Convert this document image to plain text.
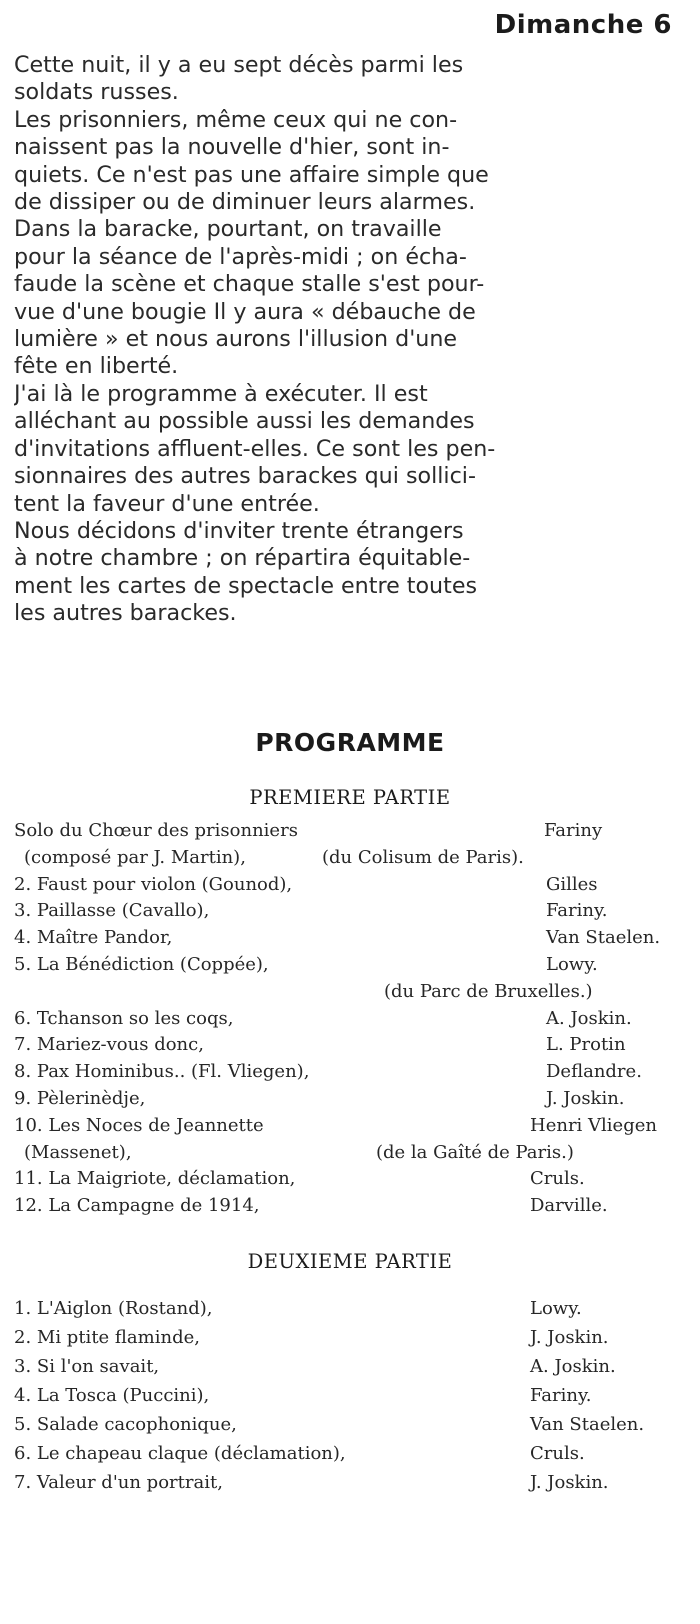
Dimanche 6
Cette nuit, il y a eu sept décès parmi les
soldats russes.
Les prisonniers, même ceux qui ne con-
naissent pas la nouvelle d'hier, sont in-
quiets. Ce n'est pas une affaire simple que
de dissiper ou de diminuer leurs alarmes.
Dans la baracke, pourtant, on travaille
pour la séance de l'après-midi ; on écha-
faude la scène et chaque stalle s'est pour-
vue d'une bougie Il y aura « débauche de
lumière » et nous aurons l'illusion d'une
fête en liberté.
J'ai là le programme à exécuter. Il est
alléchant au possible aussi les demandes
d'invitations affluent-elles. Ce sont les pen-
sionnaires des autres barackes qui sollici-
tent la faveur d'une entrée.
Nous décidons d'inviter trente étrangers
à notre chambre ; on répartira équitable-
ment les cartes de spectacle entre toutes
les autres barackes.
PROGRAMME
PREMIERE PARTIE
Solo du Chœur des prisonniers	Fariny
(composé par J. Martin),	(du Colisum de Paris).
2. Faust pour violon (Gounod),	Gilles
3. Paillasse (Cavallo),	Fariny.
4. Maître Pandor,	Van Staelen.
5. La Bénédiction (Coppée),	Lowy.
(du Parc de Bruxelles.)
6. Tchanson so les coqs,	A. Joskin.
7. Mariez-vous donc,	L. Protin
8. Pax Hominibus.. (Fl. Vliegen),	Deflandre.
9. Pèlerinèdje,	J. Joskin.
10. Les Noces de Jeannette	Henri Vliegen
(Massenet),	(de la Gaîté de Paris.)
11. La Maigriote, déclamation,	Cruls.
12. La Campagne de 1914,	Darville.
DEUXIEME PARTIE
1. L'Aiglon (Rostand),	Lowy.
2. Mi ptite flaminde,	J. Joskin.
3. Si l'on savait,	A. Joskin.
4. La Tosca (Puccini),	Fariny.
5. Salade cacophonique,	Van Staelen.
6. Le chapeau claque (déclamation),	Cruls.
7. Valeur d'un portrait,	J. Joskin.
